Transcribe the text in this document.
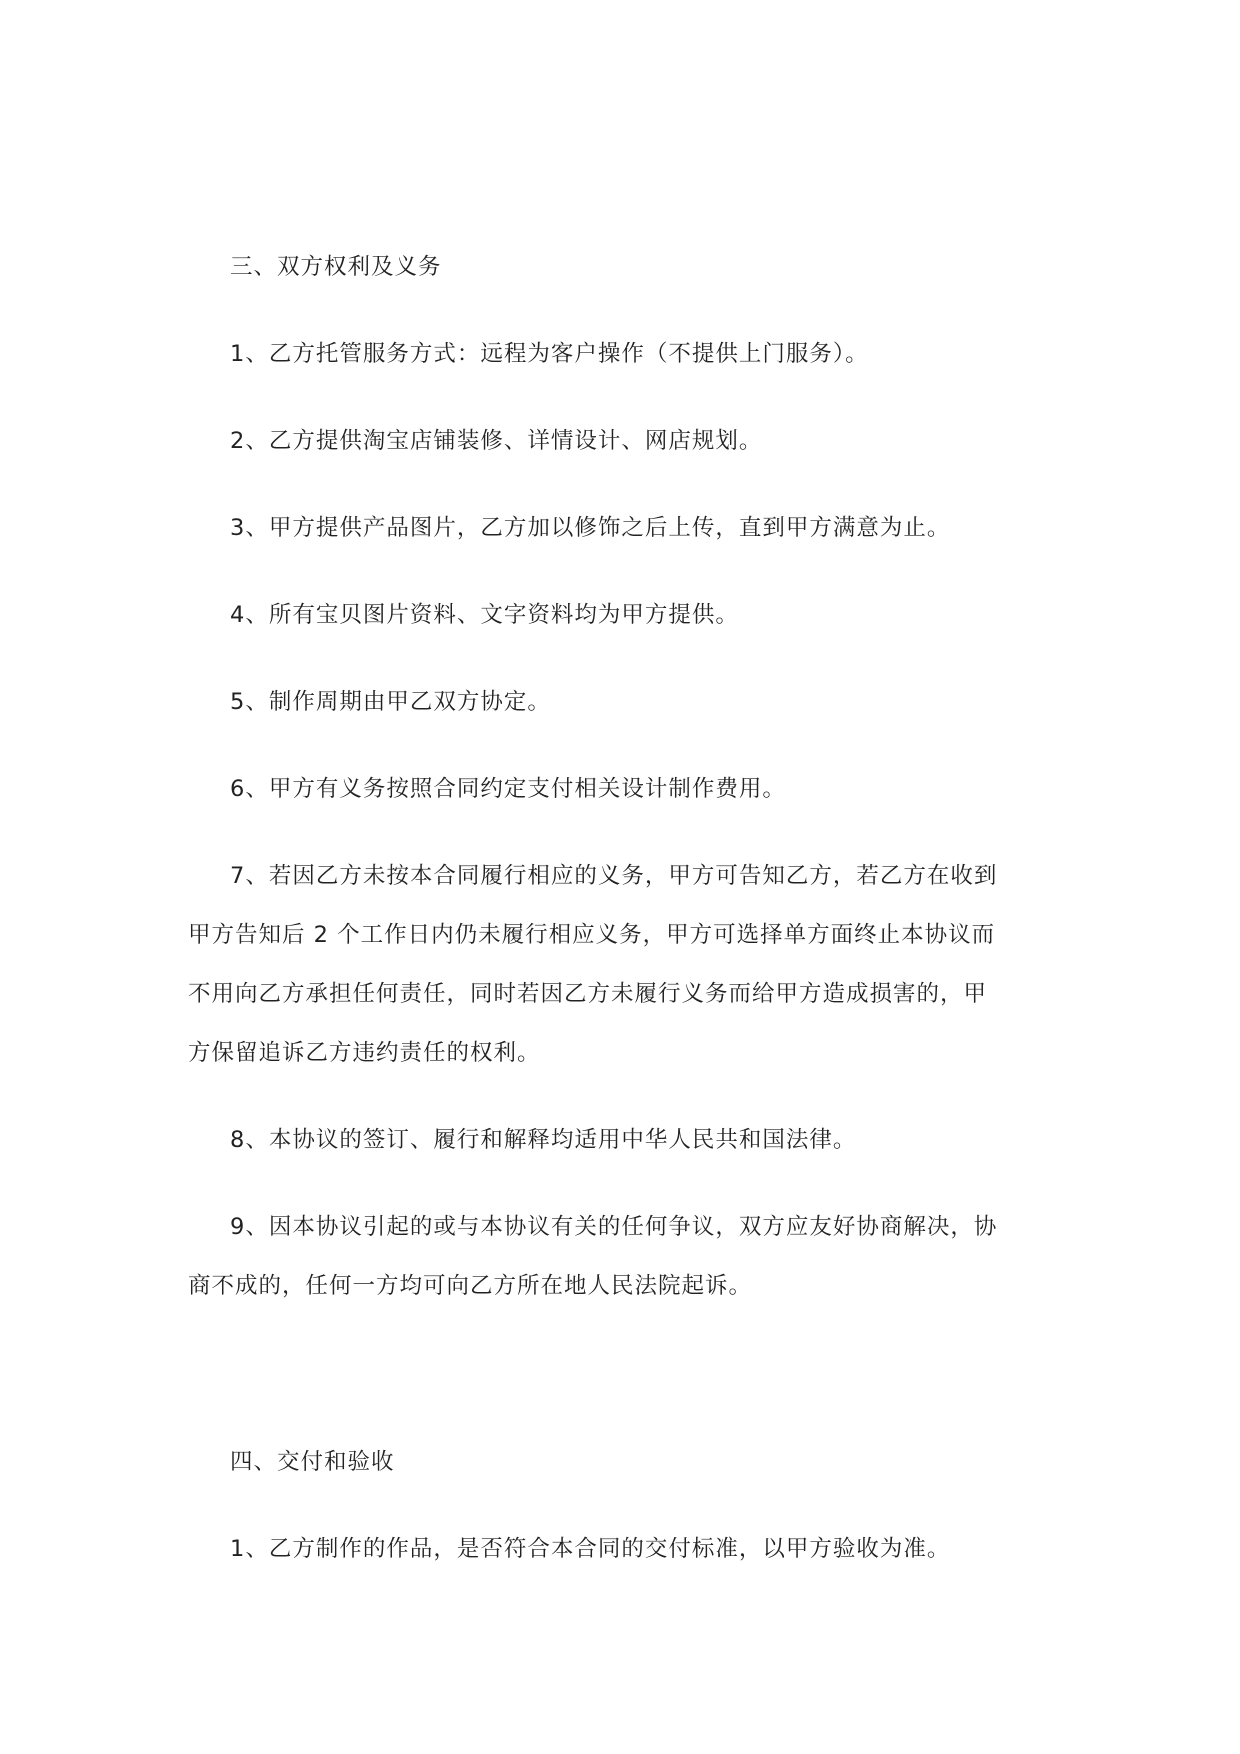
三、双方权利及义务

1、乙方托管服务方式：远程为客户操作（不提供上门服务）。

2、乙方提供淘宝店铺装修、详情设计、网店规划。

3、甲方提供产品图片，乙方加以修饰之后上传，直到甲方满意为止。

4、所有宝贝图片资料、文字资料均为甲方提供。

5、制作周期由甲乙双方协定。

6、甲方有义务按照合同约定支付相关设计制作费用。

7、若因乙方未按本合同履行相应的义务，甲方可告知乙方，若乙方在收到

甲方告知后 2 个工作日内仍未履行相应义务，甲方可选择单方面终止本协议而

不用向乙方承担任何责任，同时若因乙方未履行义务而给甲方造成损害的，甲

方保留追诉乙方违约责任的权利。

8、本协议的签订、履行和解释均适用中华人民共和国法律。

9、因本协议引起的或与本协议有关的任何争议，双方应友好协商解决，协

商不成的，任何一方均可向乙方所在地人民法院起诉。

四、交付和验收

1、乙方制作的作品，是否符合本合同的交付标准，以甲方验收为准。
